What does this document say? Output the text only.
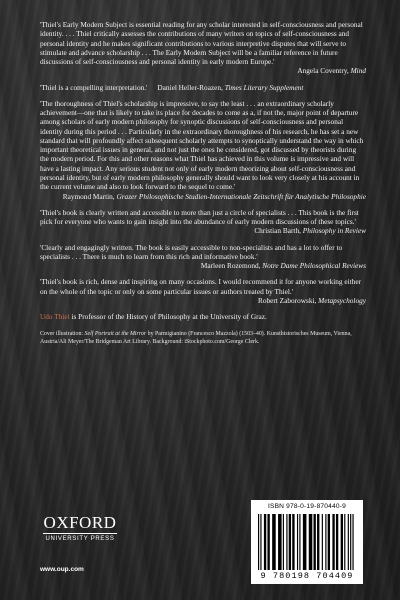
'Thiel's Early Modern Subject is essential reading for any scholar interested in self-consciousness and personal identity. . . . Thiel critically assesses the contributions of many writers on topics of self-consciousness and personal identity and he makes significant contributions to various interpretive disputes that will serve to stimulate and advance scholarship . . . The Early Modern Subject will be a familiar reference in future discussions of self-consciousness and personal identity in early modern Europe.'

Angela Coventry, Mind

'Thiel is a compelling interpretation.' Daniel Heller-Roazen, Times Literary Supplement

'The thoroughness of Thiel's scholarship is impressive, to say the least . . . an extraordinary scholarly achievement—one that is likely to take its place for decades to come as a, if not the, major point of departure among scholars of early modern philosophy for synoptic discussions of self-consciousness and personal identity during this period . . . Particularly in the extraordinary thoroughness of his research, he has set a new standard that will profoundly affect subsequent scholarly attempts to synoptically understand the way in which important theoretical issues in general, and not just the ones he considered, got discussed by theorists during the modern period. For this and other reasons what Thiel has achieved in this volume is impressive and will have a lasting impact. Any serious student not only of early modern theorizing about self-consciousness and personal identity, but of early modern philosophy generally should want to look very closely at his account in the current volume and also to look forward to the sequel to come.'

Raymond Martin, Grazer Philosophische Studien-Internationale Zeitschrift für Analytische Philosophie

'Thiel's book is clearly written and accessible to more than just a circle of specialists . . . This book is the first pick for everyone who wants to gain insight into the abundance of early modern discussions of these topics.'

Christian Barth, Philosophy in Review

'Clearly and engagingly written. The book is easily accessible to non-specialists and has a lot to offer to specialists . . . There is much to learn from this rich and informative book.'

Marleen Rozemond, Notre Dame Philosophical Reviews

'Thiel's book is rich, dense and inspiring on many occasions. I would recommend it for anyone working either on the whole of the topic or only on some particular issues or authors treated by Thiel.'

Robert Zaborowski, Metapsychology

Udo Thiel is Professor of the History of Philosophy at the University of Graz.

Cover illustration: Self Portrait at the Mirror by Parmigianino (Francesco Mazzola) (1503–40). Kunsthistorisches Museum, Vienna, Austria/Ali Meyer/The Bridgeman Art Library. Background: iStockphoto.com/George Clerk.

OXFORD
UNIVERSITY PRESS
www.oup.com
ISBN 978-0-19-870440-9
9 780198 704409
